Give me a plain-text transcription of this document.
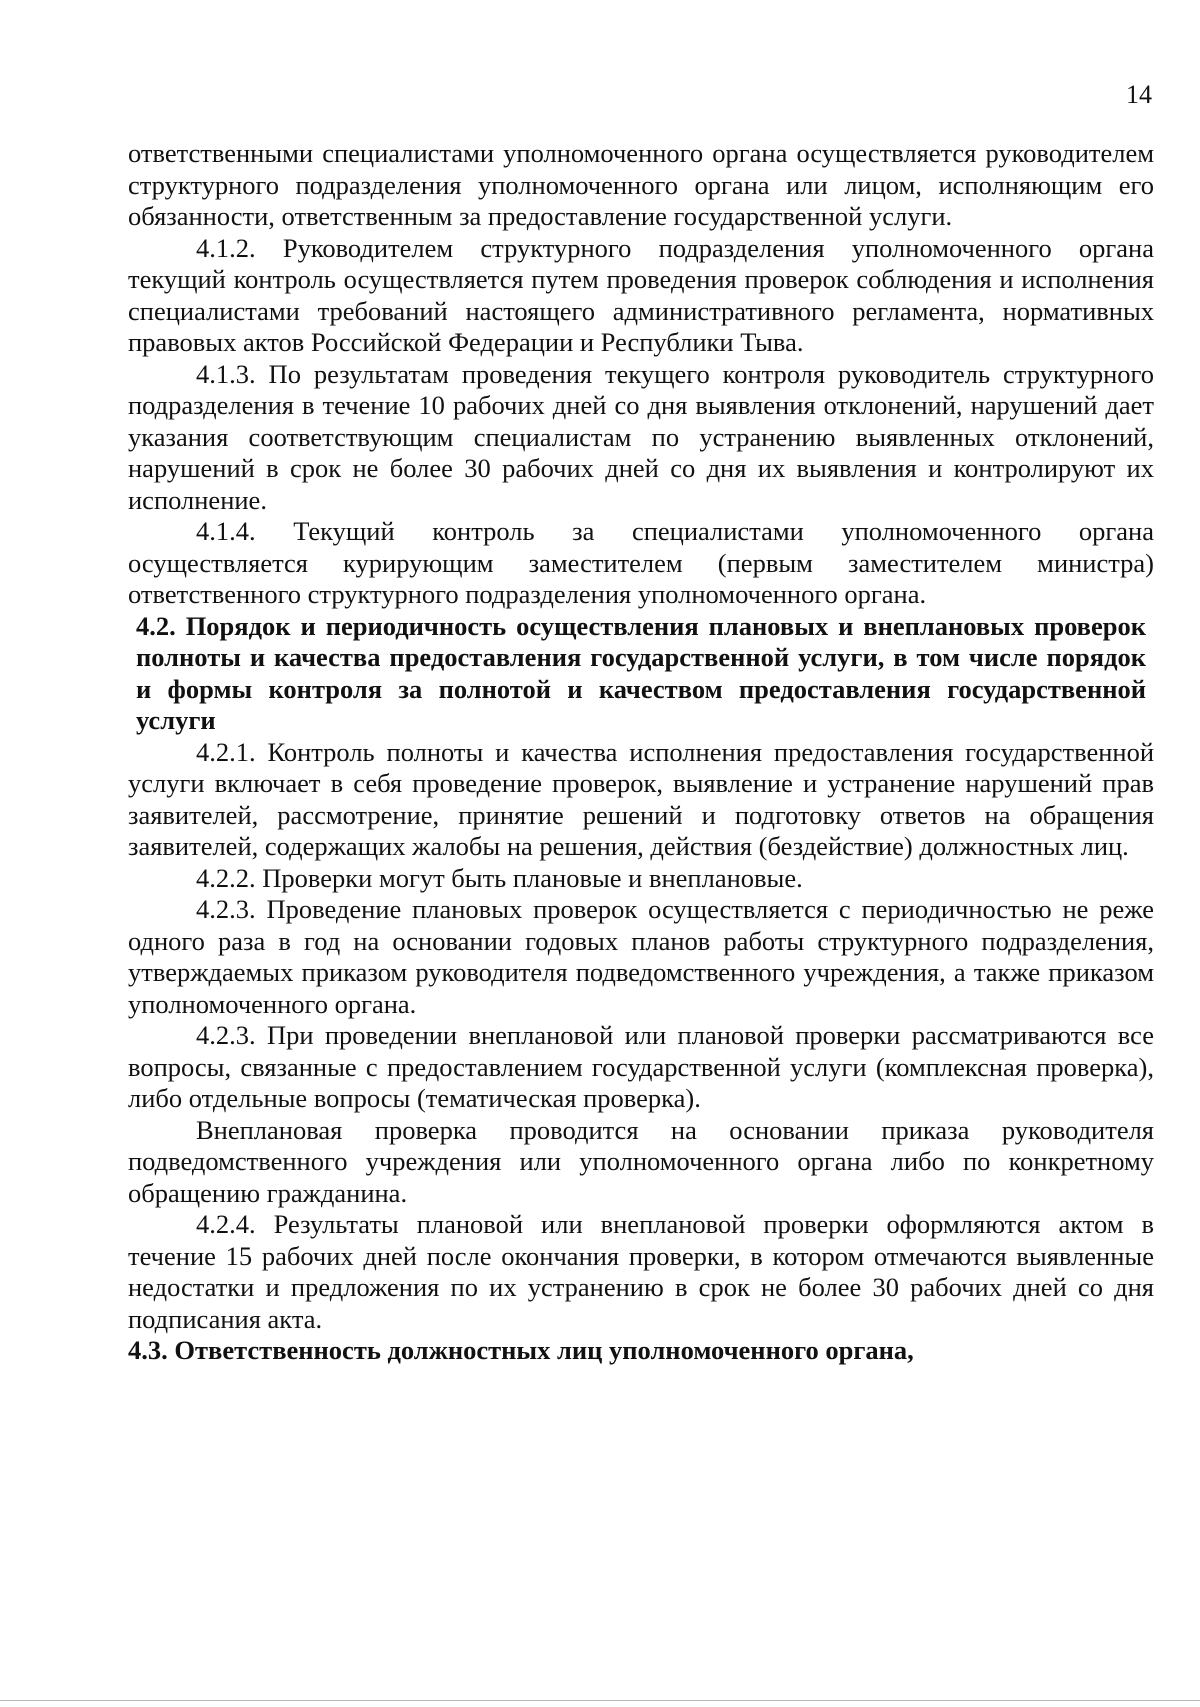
14

ответственными специалистами уполномоченного органа осуществляется руководителем структурного подразделения уполномоченного органа или лицом, исполняющим его обязанности, ответственным за предоставление государственной услуги.

4.1.2. Руководителем структурного подразделения уполномоченного органа текущий контроль осуществляется путем проведения проверок соблюдения и исполнения специалистами требований настоящего административного регламента, нормативных правовых актов Российской Федерации и Республики Тыва.

4.1.3. По результатам проведения текущего контроля руководитель структурного подразделения в течение 10 рабочих дней со дня выявления отклонений, нарушений дает указания соответствующим специалистам по устранению выявленных отклонений, нарушений в срок не более 30 рабочих дней со дня их выявления и контролируют их исполнение.

4.1.4. Текущий контроль за специалистами уполномоченного органа осуществляется курирующим заместителем (первым заместителем министра) ответственного структурного подразделения уполномоченного органа.

4.2. Порядок и периодичность осуществления плановых и внеплановых проверок полноты и качества предоставления государственной услуги, в том числе порядок и формы контроля за полнотой и качеством предоставления государственной услуги

4.2.1. Контроль полноты и качества исполнения предоставления государственной услуги включает в себя проведение проверок, выявление и устранение нарушений прав заявителей, рассмотрение, принятие решений и подготовку ответов на обращения заявителей, содержащих жалобы на решения, действия (бездействие) должностных лиц.

4.2.2. Проверки могут быть плановые и внеплановые.

4.2.3. Проведение плановых проверок осуществляется с периодичностью не реже одного раза в год на основании годовых планов работы структурного подразделения, утверждаемых приказом руководителя подведомственного учреждения, а также приказом уполномоченного органа.

4.2.3. При проведении внеплановой или плановой проверки рассматриваются все вопросы, связанные с предоставлением государственной услуги (комплексная проверка), либо отдельные вопросы (тематическая проверка).

Внеплановая проверка проводится на основании приказа руководителя подведомственного учреждения или уполномоченного органа либо по конкретному обращению гражданина.

4.2.4. Результаты плановой или внеплановой проверки оформляются актом в течение 15 рабочих дней после окончания проверки, в котором отмечаются выявленные недостатки и предложения по их устранению в срок не более 30 рабочих дней со дня подписания акта.

4.3. Ответственность должностных лиц уполномоченного органа,
